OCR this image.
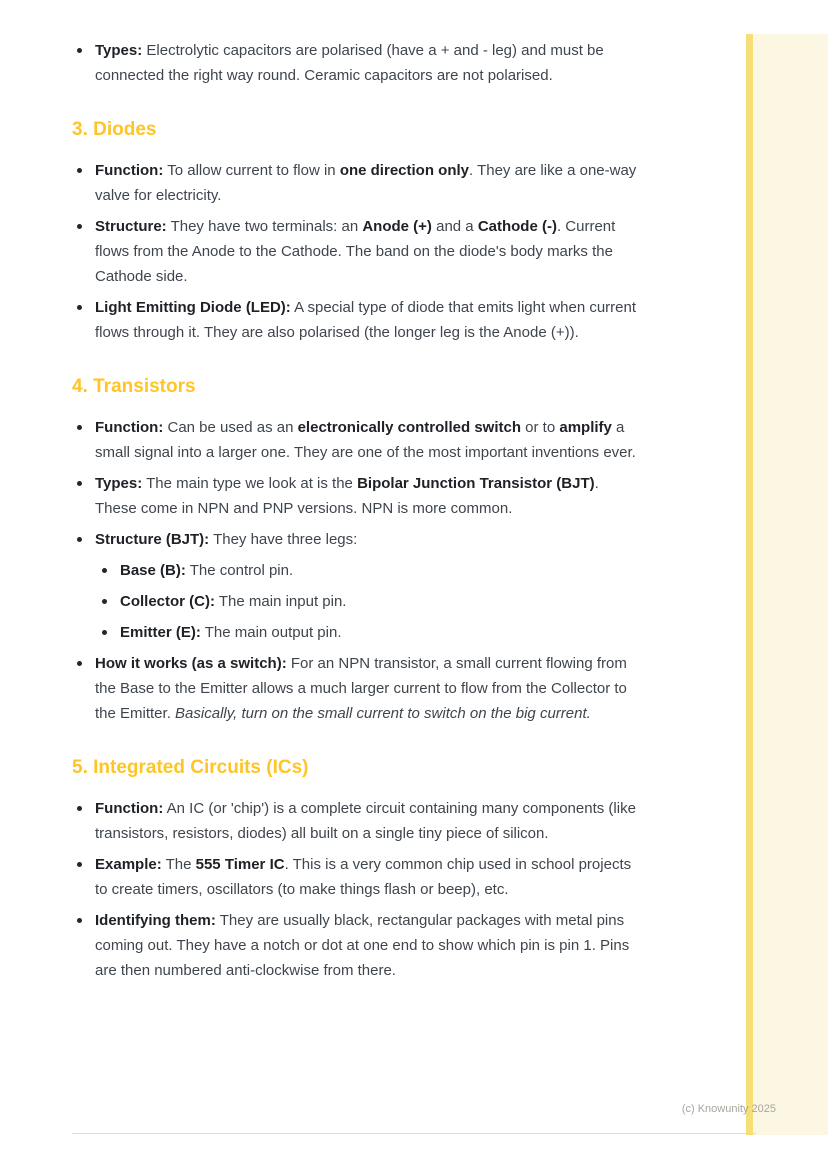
Types: Electrolytic capacitors are polarised (have a + and - leg) and must be connected the right way round. Ceramic capacitors are not polarised.
3. Diodes
Function: To allow current to flow in one direction only. They are like a one-way valve for electricity.
Structure: They have two terminals: an Anode (+) and a Cathode (-). Current flows from the Anode to the Cathode. The band on the diode's body marks the Cathode side.
Light Emitting Diode (LED): A special type of diode that emits light when current flows through it. They are also polarised (the longer leg is the Anode (+)).
4. Transistors
Function: Can be used as an electronically controlled switch or to amplify a small signal into a larger one. They are one of the most important inventions ever.
Types: The main type we look at is the Bipolar Junction Transistor (BJT). These come in NPN and PNP versions. NPN is more common.
Structure (BJT): They have three legs:
Base (B): The control pin.
Collector (C): The main input pin.
Emitter (E): The main output pin.
How it works (as a switch): For an NPN transistor, a small current flowing from the Base to the Emitter allows a much larger current to flow from the Collector to the Emitter. Basically, turn on the small current to switch on the big current.
5. Integrated Circuits (ICs)
Function: An IC (or 'chip') is a complete circuit containing many components (like transistors, resistors, diodes) all built on a single tiny piece of silicon.
Example: The 555 Timer IC. This is a very common chip used in school projects to create timers, oscillators (to make things flash or beep), etc.
Identifying them: They are usually black, rectangular packages with metal pins coming out. They have a notch or dot at one end to show which pin is pin 1. Pins are then numbered anti-clockwise from there.
(c) Knowunity 2025
